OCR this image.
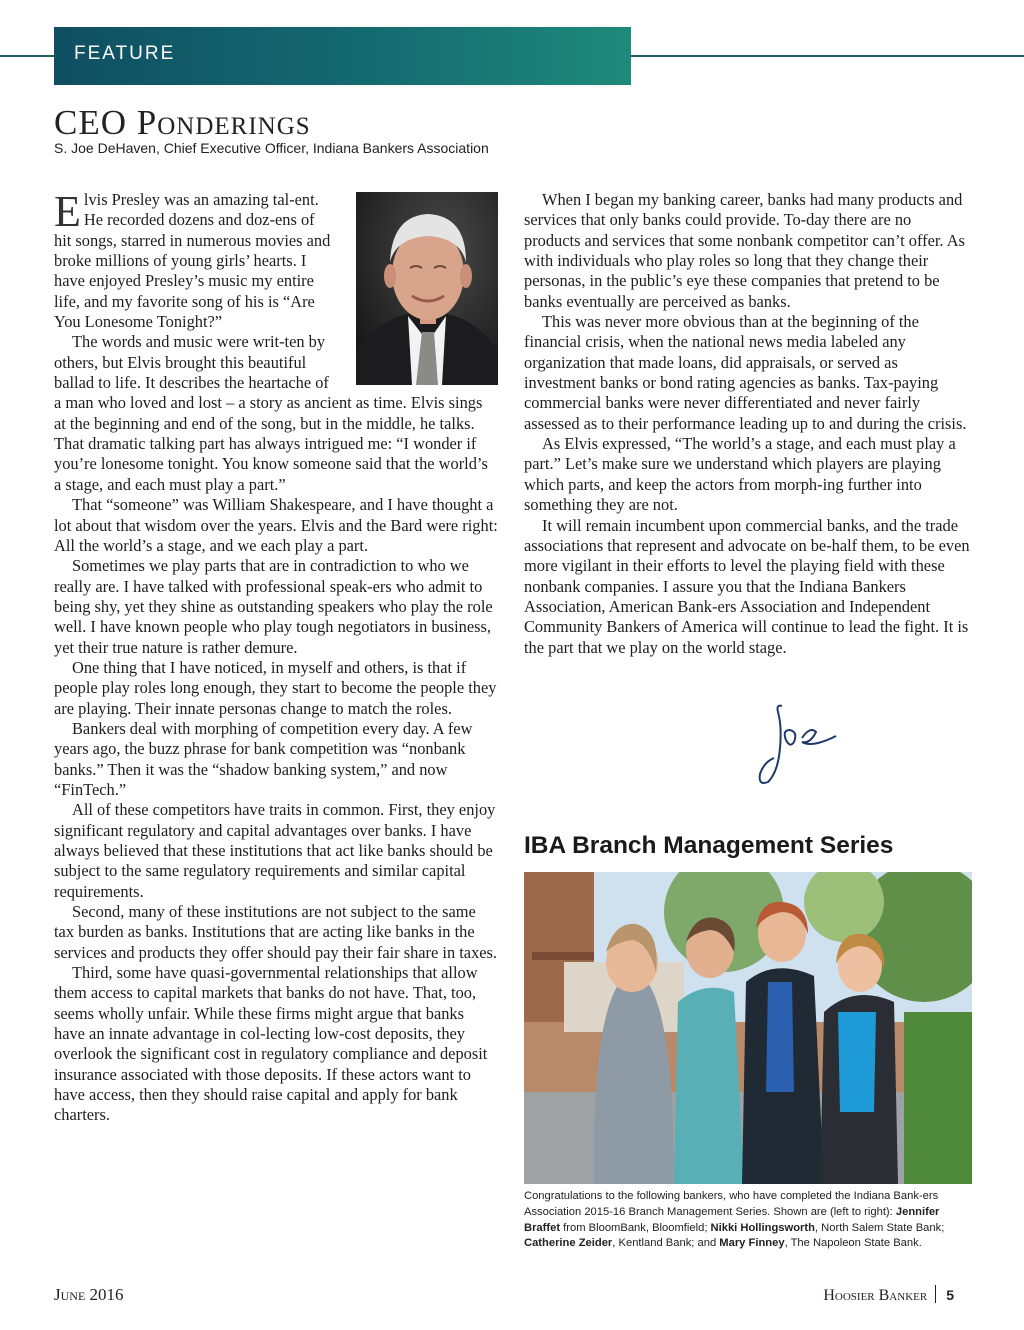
FEATURE
CEO Ponderings
S. Joe DeHaven, Chief Executive Officer, Indiana Bankers Association

Elvis Presley was an amazing tal-ent. He recorded dozens and doz-ens of hit songs, starred in numerous movies and broke millions of young girls’ hearts. I have enjoyed Presley’s music my entire life, and my favorite song of his is “Are You Lonesome Tonight?”

The words and music were writ-ten by others, but Elvis brought this beautiful ballad to life. It describes the heartache of a man who loved and lost – a story as ancient as time. Elvis sings at the beginning and end of the song, but in the middle, he talks. That dramatic talking part has always intrigued me: “I wonder if you’re lonesome tonight. You know someone said that the world’s a stage, and each must play a part.”

That “someone” was William Shakespeare, and I have thought a lot about that wisdom over the years. Elvis and the Bard were right: All the world’s a stage, and we each play a part.

Sometimes we play parts that are in contradiction to who we really are. I have talked with professional speak-ers who admit to being shy, yet they shine as outstanding speakers who play the role well. I have known people who play tough negotiators in business, yet their true nature is rather demure.

One thing that I have noticed, in myself and others, is that if people play roles long enough, they start to become the people they are playing. Their innate personas change to match the roles.

Bankers deal with morphing of competition every day. A few years ago, the buzz phrase for bank competition was “nonbank banks.” Then it was the “shadow banking system,” and now “FinTech.”

All of these competitors have traits in common. First, they enjoy significant regulatory and capital advantages over banks. I have always believed that these institutions that act like banks should be subject to the same regulatory requirements and similar capital requirements.

Second, many of these institutions are not subject to the same tax burden as banks. Institutions that are acting like banks in the services and products they offer should pay their fair share in taxes.

Third, some have quasi-governmental relationships that allow them access to capital markets that banks do not have. That, too, seems wholly unfair. While these firms might argue that banks have an innate advantage in col-lecting low-cost deposits, they overlook the significant cost in regulatory compliance and deposit insurance associated with those deposits. If these actors want to have access, then they should raise capital and apply for bank charters.

When I began my banking career, banks had many products and services that only banks could provide. To-day there are no products and services that some nonbank competitor can’t offer. As with individuals who play roles so long that they change their personas, in the public’s eye these companies that pretend to be banks eventually are perceived as banks.

This was never more obvious than at the beginning of the financial crisis, when the national news media labeled any organization that made loans, did appraisals, or served as investment banks or bond rating agencies as banks. Tax-paying commercial banks were never differentiated and never fairly assessed as to their performance leading up to and during the crisis.

As Elvis expressed, “The world’s a stage, and each must play a part.” Let’s make sure we understand which players are playing which parts, and keep the actors from morph-ing further into something they are not.

It will remain incumbent upon commercial banks, and the trade associations that represent and advocate on be-half them, to be even more vigilant in their efforts to level the playing field with these nonbank companies. I assure you that the Indiana Bankers Association, American Bank-ers Association and Independent Community Bankers of America will continue to lead the fight. It is the part that we play on the world stage.

IBA Branch Management Series
Congratulations to the following bankers, who have completed the Indiana Bank-ers Association 2015-16 Branch Management Series. Shown are (left to right): Jennifer Braffet from BloomBank, Bloomfield; Nikki Hollingsworth, North Salem State Bank; Catherine Zeider, Kentland Bank; and Mary Finney, The Napoleon State Bank.
June 2016	Hoosier Banker 5
